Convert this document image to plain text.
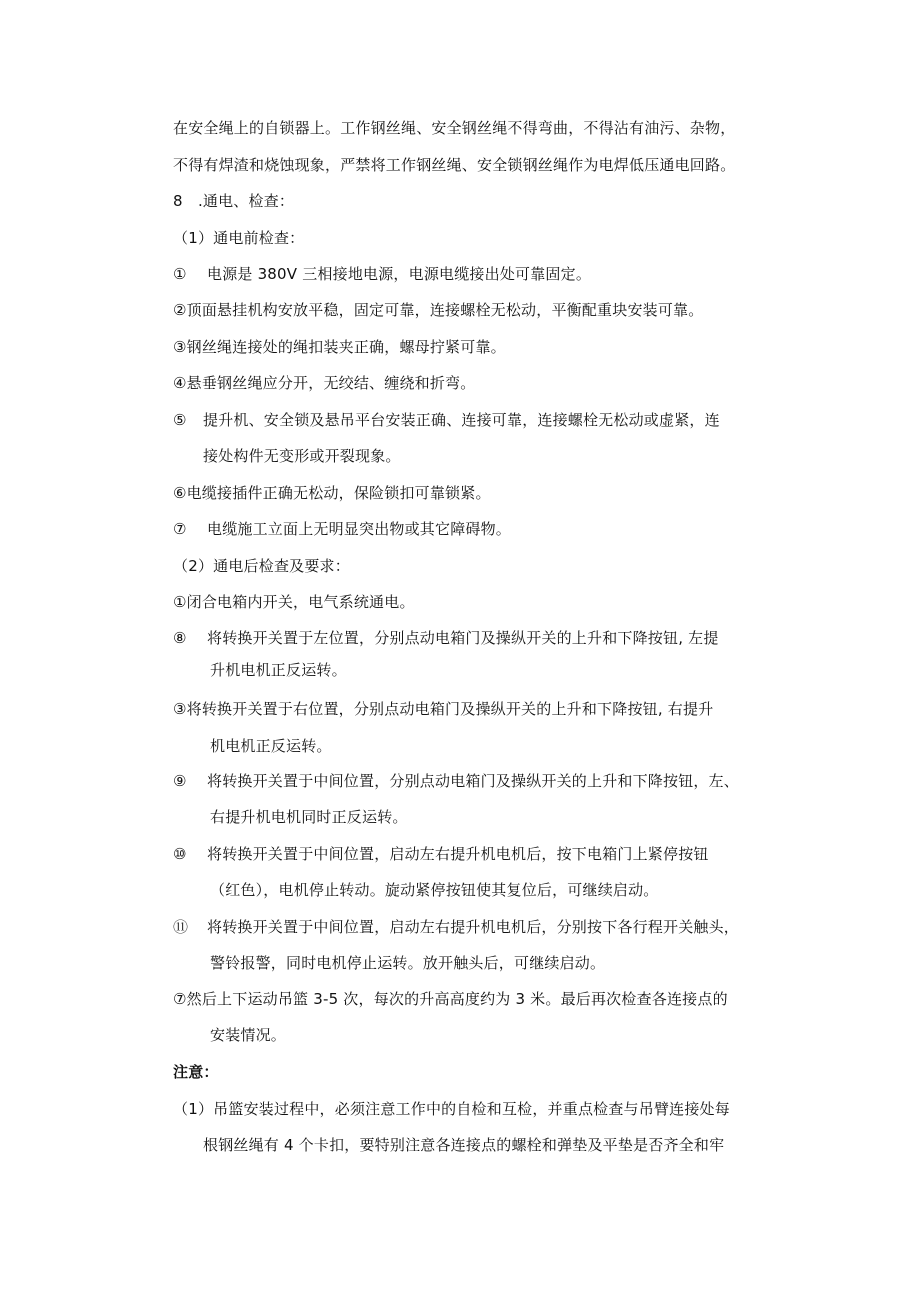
在安全绳上的自锁器上。工作钢丝绳、安全钢丝绳不得弯曲，不得沾有油污、杂物，
不得有焊渣和烧蚀现象，严禁将工作钢丝绳、安全锁钢丝绳作为电焊低压通电回路。
8　.通电、检查：
（1）通电前检查：
① 电源是 380V 三相接地电源，电源电缆接出处可靠固定。
②顶面悬挂机构安放平稳，固定可靠，连接螺栓无松动，平衡配重块安装可靠。
③钢丝绳连接处的绳扣装夹正确，螺母拧紧可靠。
④悬垂钢丝绳应分开，无绞结、缠绕和折弯。
⑤ 提升机、安全锁及悬吊平台安装正确、连接可靠，连接螺栓无松动或虚紧，连
接处构件无变形或开裂现象。
⑥电缆接插件正确无松动，保险锁扣可靠锁紧。
⑦ 电缆施工立面上无明显突出物或其它障碍物。
（2）通电后检查及要求：
①闭合电箱内开关，电气系统通电。
⑧ 将转换开关置于左位置，分别点动电箱门及操纵开关的上升和下降按钮, 左提
升机电机正反运转。
③将转换开关置于右位置，分别点动电箱门及操纵开关的上升和下降按钮, 右提升
机电机正反运转。
⑨ 将转换开关置于中间位置，分别点动电箱门及操纵开关的上升和下降按钮，左、
右提升机电机同时正反运转。
⑩ 将转换开关置于中间位置，启动左右提升机电机后，按下电箱门上紧停按钮
（红色），电机停止转动。旋动紧停按钮使其复位后，可继续启动。
⑪ 将转换开关置于中间位置，启动左右提升机电机后，分别按下各行程开关触头，
警铃报警，同时电机停止运转。放开触头后，可继续启动。
⑦然后上下运动吊篮 3-5 次，每次的升高高度约为 3 米。最后再次检查各连接点的
安装情况。
注意：
（1）吊篮安装过程中，必须注意工作中的自检和互检，并重点检查与吊臂连接处每
根钢丝绳有 4 个卡扣，要特别注意各连接点的螺栓和弹垫及平垫是否齐全和牢
